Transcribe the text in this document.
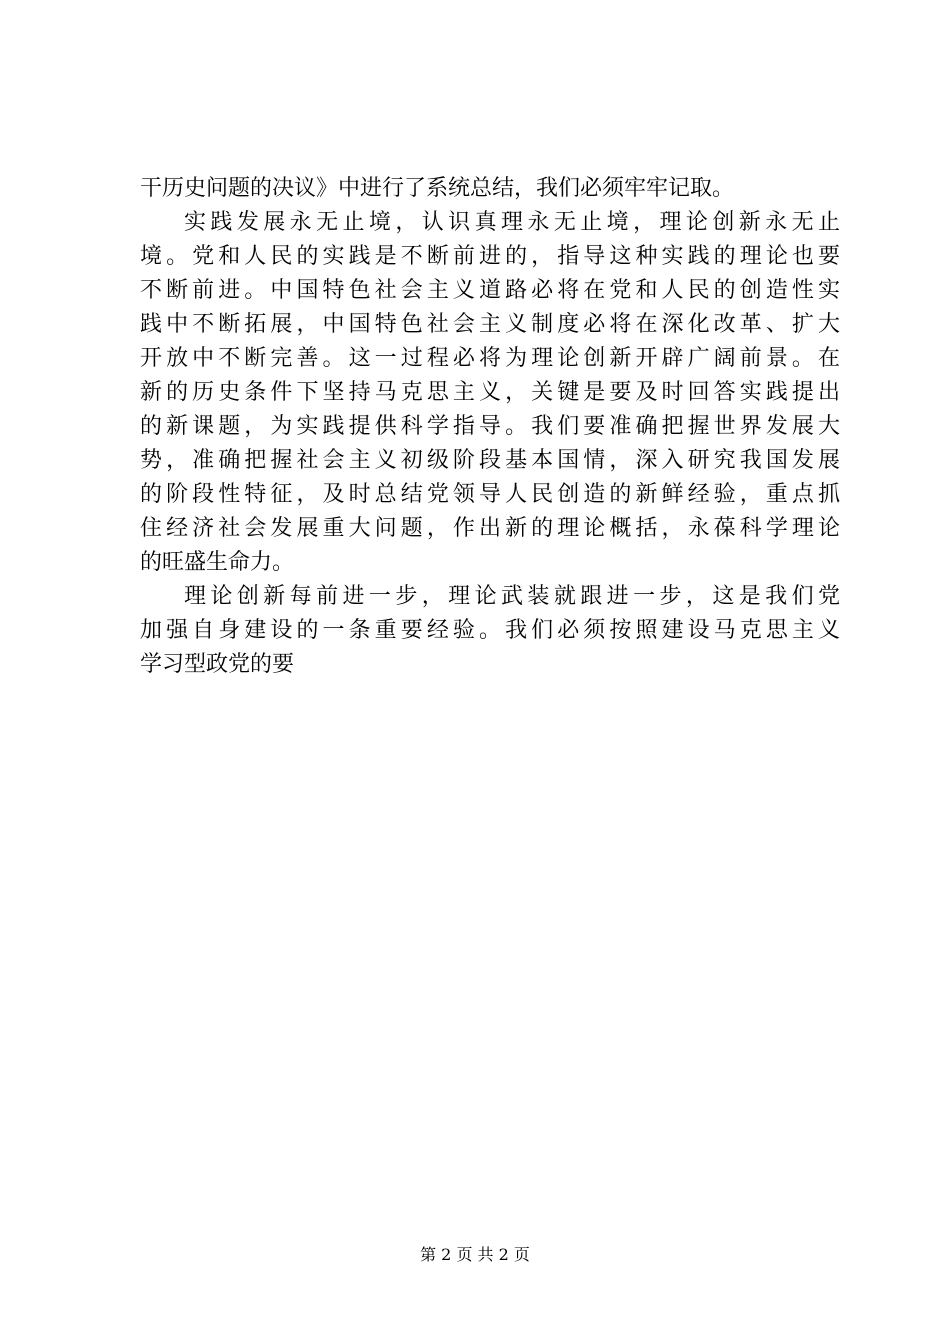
干历史问题的决议》中进行了系统总结，我们必须牢牢记取。
实践发展永无止境，认识真理永无止境，理论创新永无止
境。党和人民的实践是不断前进的，指导这种实践的理论也要
不断前进。中国特色社会主义道路必将在党和人民的创造性实
践中不断拓展，中国特色社会主义制度必将在深化改革、扩大
开放中不断完善。这一过程必将为理论创新开辟广阔前景。在
新的历史条件下坚持马克思主义，关键是要及时回答实践提出
的新课题，为实践提供科学指导。我们要准确把握世界发展大
势，准确把握社会主义初级阶段基本国情，深入研究我国发展
的阶段性特征，及时总结党领导人民创造的新鲜经验，重点抓
住经济社会发展重大问题，作出新的理论概括，永葆科学理论
的旺盛生命力。
理论创新每前进一步，理论武装就跟进一步，这是我们党
加强自身建设的一条重要经验。我们必须按照建设马克思主义
学习型政党的要
第 2 页 共 2 页
